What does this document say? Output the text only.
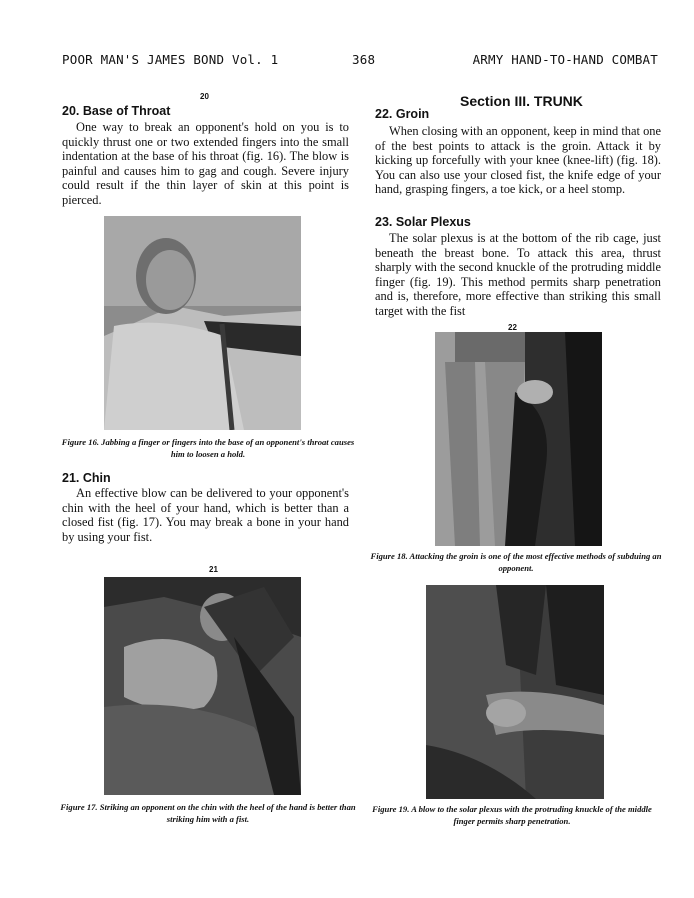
POOR MAN'S JAMES BOND Vol. 1	368	ARMY HAND-TO-HAND COMBAT
20
20. Base of Throat

One way to break an opponent's hold on you is to quickly thrust one or two extended fingers into the small indentation at the base of his throat (fig. 16). The blow is painful and causes him to gag and cough. Severe injury could result if the thin layer of skin at this point is pierced.

Figure 16. Jabbing a finger or fingers into the base of an opponent's throat causes him to loosen a hold.
21. Chin

An effective blow can be delivered to your opponent's chin with the heel of your hand, which is better than a closed fist (fig. 17). You may break a bone in your hand by using your fist.

21
Figure 17. Striking an opponent on the chin with the heel of the hand is better than striking him with a fist.
Section III. TRUNK
22. Groin

When closing with an opponent, keep in mind that one of the best points to attack is the groin. Attack it by kicking up forcefully with your knee (knee-lift) (fig. 18). You can also use your closed fist, the knife edge of your hand, grasping fingers, a toe kick, or a heel stomp.

23. Solar Plexus

The solar plexus is at the bottom of the rib cage, just beneath the breast bone. To attack this area, thrust sharply with the second knuckle of the protruding middle finger (fig. 19). This method permits sharp penetration and is, therefore, more effective than striking this small target with the fist

22
Figure 18. Attacking the groin is one of the most effective methods of subduing an opponent.
Figure 19. A blow to the solar plexus with the protruding knuckle of the middle finger permits sharp penetration.
